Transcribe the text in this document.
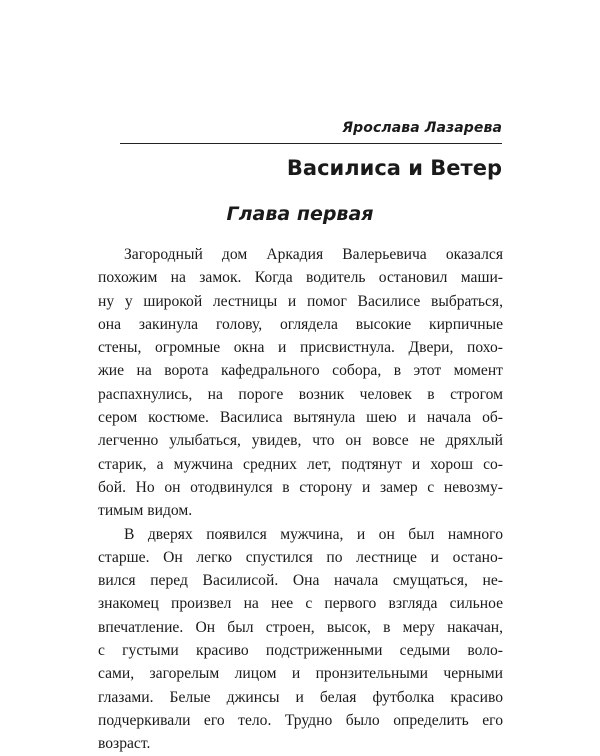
Ярослава Лазарева
Василиса и Ветер
Глава первая
Загородный дом Аркадия Валерьевича оказался
похожим на замок. Когда водитель остановил маши-
ну у широкой лестницы и помог Василисе выбраться,
она закинула голову, оглядела высокие кирпичные
стены, огромные окна и присвистнула. Двери, похо-
жие на ворота кафедрального собора, в этот момент
распахнулись, на пороге возник человек в строгом
сером костюме. Василиса вытянула шею и начала об-
легченно улыбаться, увидев, что он вовсе не дряхлый
старик, а мужчина средних лет, подтянут и хорош со-
бой. Но он отодвинулся в сторону и замер с невозму-
тимым видом.
В дверях появился мужчина, и он был намного
старше. Он легко спустился по лестнице и остано-
вился перед Василисой. Она начала смущаться, не-
знакомец произвел на нее с первого взгляда сильное
впечатление. Он был строен, высок, в меру накачан,
с густыми красиво подстриженными седыми воло-
сами, загорелым лицом и пронзительными черными
глазами. Белые джинсы и белая футболка красиво
подчеркивали его тело. Трудно было определить его
возраст.
